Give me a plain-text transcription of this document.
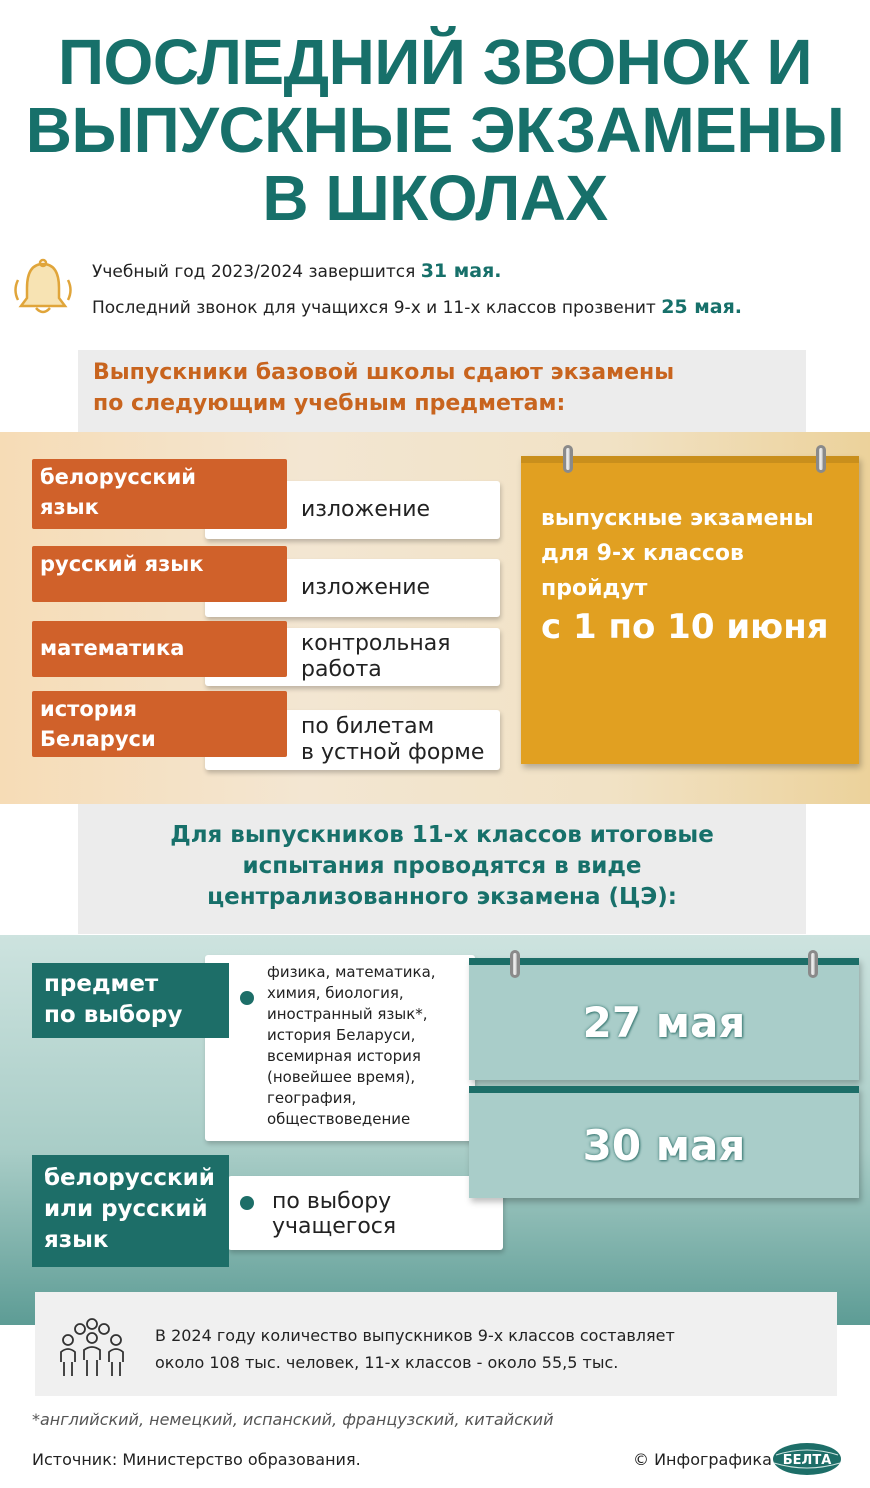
ПОСЛЕДНИЙ ЗВОНОК И
ВЫПУСКНЫЕ ЭКЗАМЕНЫ
В ШКОЛАХ
Учебный год 2023/2024 завершится 31 мая.
Последний звонок для учащихся 9-х и 11-х классов прозвенит 25 мая.
Выпускники базовой школы сдают экзамены
по следующим учебным предметам:
изложение
белорусский
язык
изложение
русский язык
контрольная
работа
математика
по билетам
в устной форме
история
Беларуси
выпускные экзамены
для 9-х классов
пройдут
с 1 по 10 июня
Для выпускников 11-х классов итоговые
испытания проводятся в виде
централизованного экзамена (ЦЭ):
предмет
по выбору
физика, математика,
химия, биология,
иностранный язык*,
история Беларуси,
всемирная история
(новейшее время),
география,
обществоведение
белорусский
или русский
язык
по выбору
учащегося
27 мая
30 мая
В 2024 году количество выпускников 9-х классов составляет
около 108 тыс. человек, 11-х классов - около 55,5 тыс.
*английский, немецкий, испанский, французский, китайский
Источник: Министерство образования.	© Инфографика БЕЛТА
